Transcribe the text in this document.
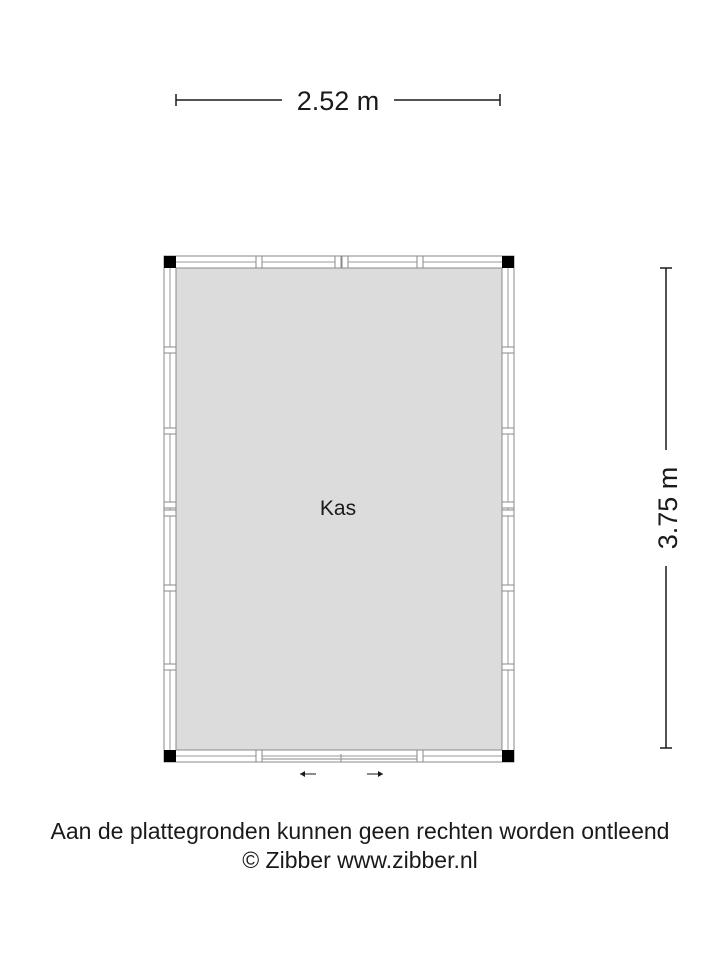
2.52 m
3.75 m
Kas
Aan de plattegronden kunnen geen rechten worden ontleend
© Zibber www.zibber.nl
